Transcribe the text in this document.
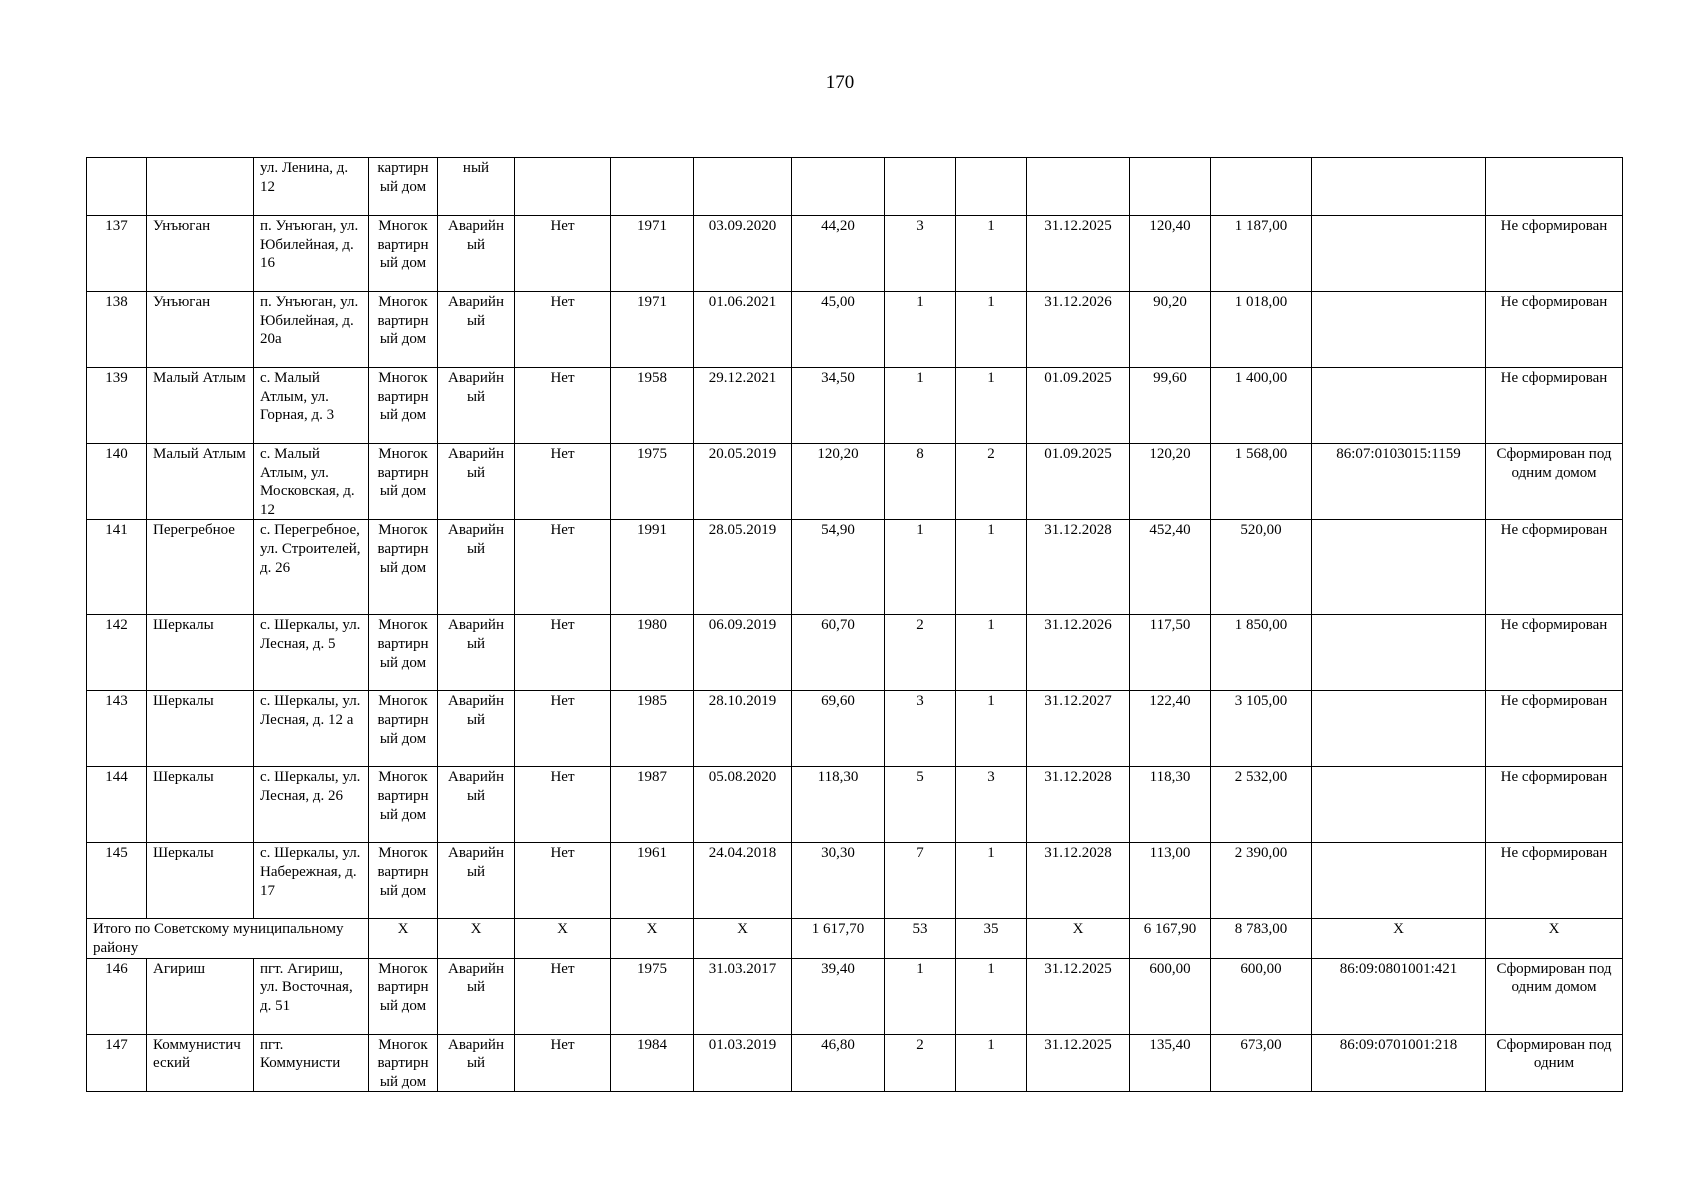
170
		ул. Ленина, д. 12	картирный дом	ный											
137	Унъюган	п. Унъюган, ул. Юбилейная, д. 16	Многоквартирный дом	Аварийный	Нет	1971	03.09.2020	44,20	3	1	31.12.2025	120,40	1 187,00		Не сформирован
138	Унъюган	п. Унъюган, ул. Юбилейная, д. 20а	Многоквартирный дом	Аварийный	Нет	1971	01.06.2021	45,00	1	1	31.12.2026	90,20	1 018,00		Не сформирован
139	Малый Атлым	с. Малый Атлым, ул. Горная, д. 3	Многоквартирный дом	Аварийный	Нет	1958	29.12.2021	34,50	1	1	01.09.2025	99,60	1 400,00		Не сформирован
140	Малый Атлым	с. Малый Атлым, ул. Московская, д. 12	Многоквартирный дом	Аварийный	Нет	1975	20.05.2019	120,20	8	2	01.09.2025	120,20	1 568,00	86:07:0103015:1159	Сформирован под одним домом
141	Перегребное	с. Перегребное, ул. Строителей, д. 26	Многоквартирный дом	Аварийный	Нет	1991	28.05.2019	54,90	1	1	31.12.2028	452,40	520,00		Не сформирован
142	Шеркалы	с. Шеркалы, ул. Лесная, д. 5	Многоквартирный дом	Аварийный	Нет	1980	06.09.2019	60,70	2	1	31.12.2026	117,50	1 850,00		Не сформирован
143	Шеркалы	с. Шеркалы, ул. Лесная, д. 12 а	Многоквартирный дом	Аварийный	Нет	1985	28.10.2019	69,60	3	1	31.12.2027	122,40	3 105,00		Не сформирован
144	Шеркалы	с. Шеркалы, ул. Лесная, д. 26	Многоквартирный дом	Аварийный	Нет	1987	05.08.2020	118,30	5	3	31.12.2028	118,30	2 532,00		Не сформирован
145	Шеркалы	с. Шеркалы, ул. Набережная, д. 17	Многоквартирный дом	Аварийный	Нет	1961	24.04.2018	30,30	7	1	31.12.2028	113,00	2 390,00		Не сформирован
Итого по Советскому муниципальному району			Х	Х	Х	Х	Х	1 617,70	53	35	Х	6 167,90	8 783,00	Х	Х
146	Агириш	пгт. Агириш, ул. Восточная, д. 51	Многоквартирный дом	Аварийный	Нет	1975	31.03.2017	39,40	1	1	31.12.2025	600,00	600,00	86:09:0801001:421	Сформирован под одним домом
147	Коммунистический	пгт. Коммунисти	Многоквартирный дом	Аварийный	Нет	1984	01.03.2019	46,80	2	1	31.12.2025	135,40	673,00	86:09:0701001:218	Сформирован под одним
